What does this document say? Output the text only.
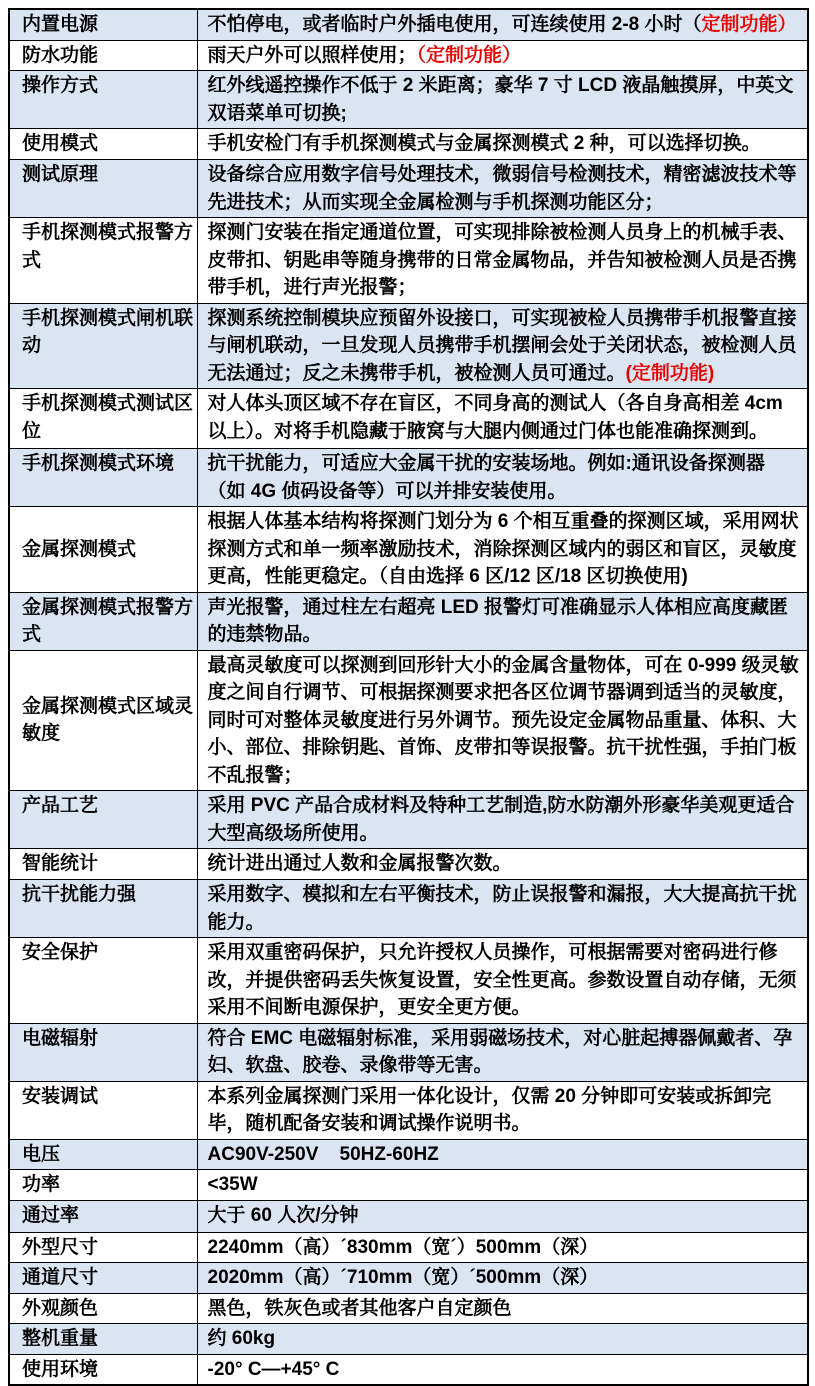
内置电源	不怕停电，或者临时户外插电使用，可连续使用 2-8 小时（定制功能）
防水功能	雨天户外可以照样使用；（定制功能）
操作方式	红外线遥控操作不低于 2 米距离；豪华 7 寸 LCD 液晶触摸屏，中英文双语菜单可切换;
使用模式	手机安检门有手机探测模式与金属探测模式 2 种，可以选择切换。
测试原理	设备综合应用数字信号处理技术，微弱信号检测技术，精密滤波技术等先进技术；从而实现全金属检测与手机探测功能区分；
手机探测模式报警方式	探测门安装在指定通道位置，可实现排除被检测人员身上的机械手表、皮带扣、钥匙串等随身携带的日常金属物品，并告知被检测人员是否携带手机，进行声光报警；
手机探测模式闸机联动	探测系统控制模块应预留外设接口，可实现被检人员携带手机报警直接与闸机联动，一旦发现人员携带手机摆闸会处于关闭状态，被检测人员无法通过；反之未携带手机，被检测人员可通过。(定制功能)
手机探测模式测试区位	对人体头顶区域不存在盲区，不同身高的测试人（各自身高相差 4cm 以上）。对将手机隐藏于腋窝与大腿内侧通过门体也能准确探测到。
手机探测模式环境	抗干扰能力，可适应大金属干扰的安装场地。例如:通讯设备探测器（如 4G 侦码设备等）可以并排安装使用。
金属探测模式	根据人体基本结构将探测门划分为 6 个相互重叠的探测区域，采用网状探测方式和单一频率激励技术，消除探测区域内的弱区和盲区，灵敏度更高，性能更稳定。（自由选择 6 区/12 区/18 区切换使用)
金属探测模式报警方式	声光报警，通过柱左右超亮 LED 报警灯可准确显示人体相应高度藏匿的违禁物品。
金属探测模式区域灵敏度	最高灵敏度可以探测到回形针大小的金属含量物体，可在 0-999 级灵敏度之间自行调节、可根据探测要求把各区位调节器调到适当的灵敏度，同时可对整体灵敏度进行另外调节。预先设定金属物品重量、体积、大小、部位、排除钥匙、首饰、皮带扣等误报警。抗干扰性强，手拍门板不乱报警；
产品工艺	采用 PVC 产品合成材料及特种工艺制造,防水防潮外形豪华美观更适合大型高级场所使用。
智能统计	统计进出通过人数和金属报警次数。
抗干扰能力强	采用数字、模拟和左右平衡技术，防止误报警和漏报，大大提高抗干扰能力。
安全保护	采用双重密码保护，只允许授权人员操作，可根据需要对密码进行修改，并提供密码丢失恢复设置，安全性更高。参数设置自动存储，无须采用不间断电源保护，更安全更方便。
电磁辐射	符合 EMC 电磁辐射标准，采用弱磁场技术，对心脏起搏器佩戴者、孕妇、软盘、胶卷、录像带等无害。
安装调试	本系列金属探测门采用一体化设计，仅需 20 分钟即可安装或拆卸完毕，随机配备安装和调试操作说明书。
电压	AC90V-250V    50HZ-60HZ
功率	<35W
通过率	大于 60 人次/分钟
外型尺寸	2240mm（高）´830mm（宽´）500mm（深）
通道尺寸	2020mm（高）´710mm（宽）´500mm（深）
外观颜色	黑色，铁灰色或者其他客户自定颜色
整机重量	约 60kg
使用环境	-20° C—+45° C
